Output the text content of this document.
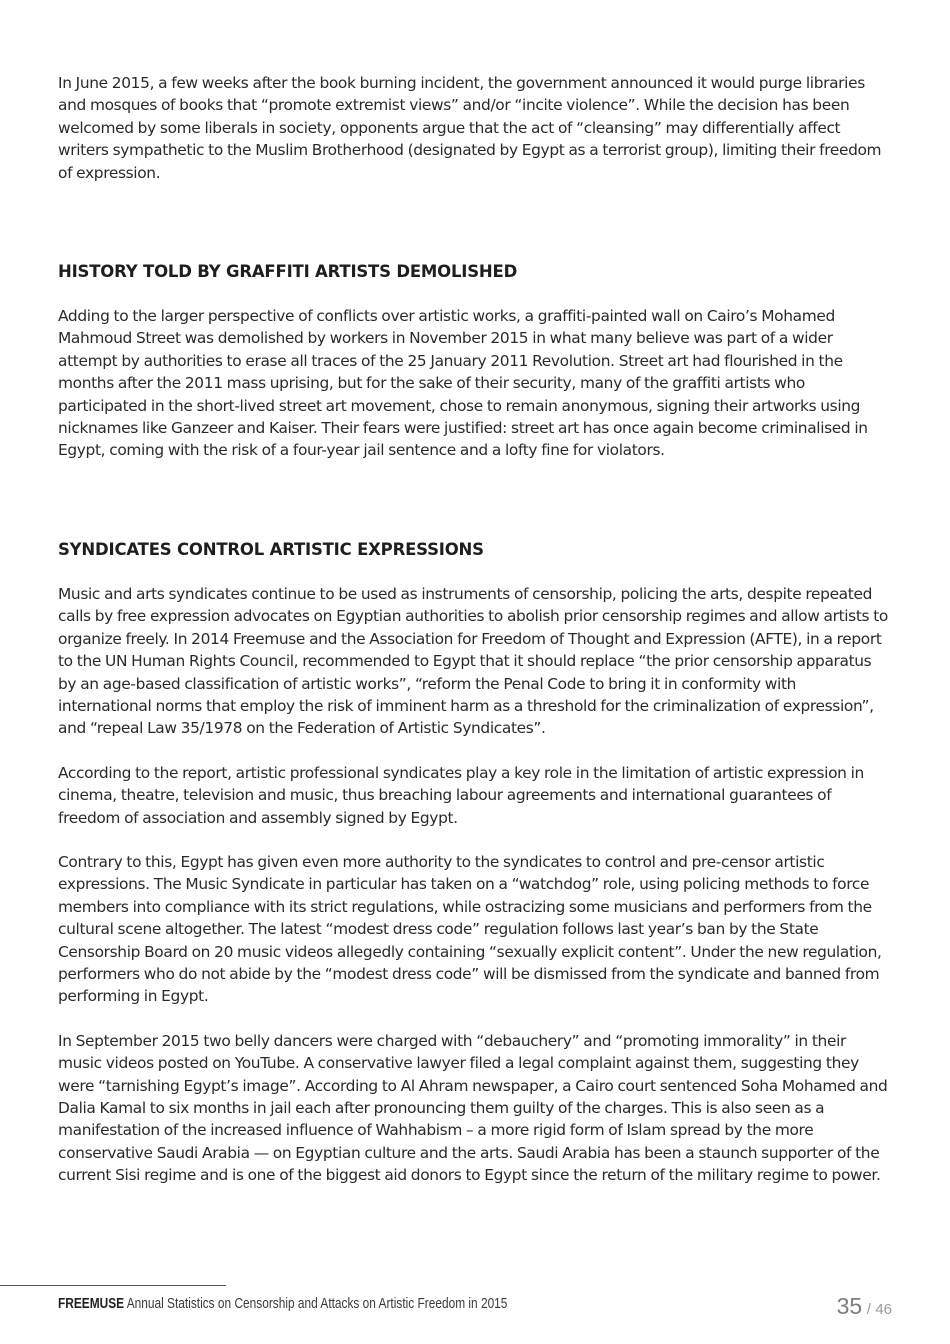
In June 2015, a few weeks after the book burning incident, the government announced it would purge libraries and mosques of books that “promote extremist views” and/or “incite violence”. While the decision has been welcomed by some liberals in society, opponents argue that the act of “cleansing” may differentially affect writers sympathetic to the Muslim Brotherhood (designated by Egypt as a terrorist group), limiting their freedom of expression.

HISTORY TOLD BY GRAFFITI ARTISTS DEMOLISHED

Adding to the larger perspective of conflicts over artistic works, a graffiti-painted wall on Cairo’s Mohamed Mahmoud Street was demolished by workers in November 2015 in what many believe was part of a wider attempt by authorities to erase all traces of the 25 January 2011 Revolution. Street art had flourished in the months after the 2011 mass uprising, but for the sake of their security, many of the graffiti artists who participated in the short-lived street art movement, chose to remain anonymous, signing their artworks using nicknames like Ganzeer and Kaiser. Their fears were justified: street art has once again become criminalised in Egypt, coming with the risk of a four-year jail sentence and a lofty fine for violators.

SYNDICATES CONTROL ARTISTIC EXPRESSIONS

Music and arts syndicates continue to be used as instruments of censorship, policing the arts, despite repeated calls by free expression advocates on Egyptian authorities to abolish prior censorship regimes and allow artists to organize freely. In 2014 Freemuse and the Association for Freedom of Thought and Expression (AFTE), in a report to the UN Human Rights Council, recommended to Egypt that it should replace “the prior censorship apparatus by an age-based classification of artistic works”, “reform the Penal Code to bring it in conformity with international norms that employ the risk of imminent harm as a threshold for the criminalization of expression”, and “repeal Law 35/1978 on the Federation of Artistic Syndicates”.

According to the report, artistic professional syndicates play a key role in the limitation of artistic expression in cinema, theatre, television and music, thus breaching labour agreements and international guarantees of freedom of association and assembly signed by Egypt.

Contrary to this, Egypt has given even more authority to the syndicates to control and pre-censor artistic expressions. The Music Syndicate in particular has taken on a “watchdog” role, using policing methods to force members into compliance with its strict regulations, while ostracizing some musicians and performers from the cultural scene altogether. The latest “modest dress code” regulation follows last year’s ban by the State Censorship Board on 20 music videos allegedly containing “sexually explicit content”. Under the new regulation, performers who do not abide by the “modest dress code” will be dismissed from the syndicate and banned from performing in Egypt.

In September 2015 two belly dancers were charged with “debauchery” and “promoting immorality” in their music videos posted on YouTube. A conservative lawyer filed a legal complaint against them, suggesting they were “tarnishing Egypt’s image”. According to Al Ahram newspaper, a Cairo court sentenced Soha Mohamed and Dalia Kamal to six months in jail each after pronouncing them guilty of the charges. This is also seen as a manifestation of the increased influence of Wahhabism – a more rigid form of Islam spread by the more conservative Saudi Arabia — on Egyptian culture and the arts. Saudi Arabia has been a staunch supporter of the current Sisi regime and is one of the biggest aid donors to Egypt since the return of the military regime to power.

FREEMUSE Annual Statistics on Censorship and Attacks on Artistic Freedom in 2015	35 / 46
